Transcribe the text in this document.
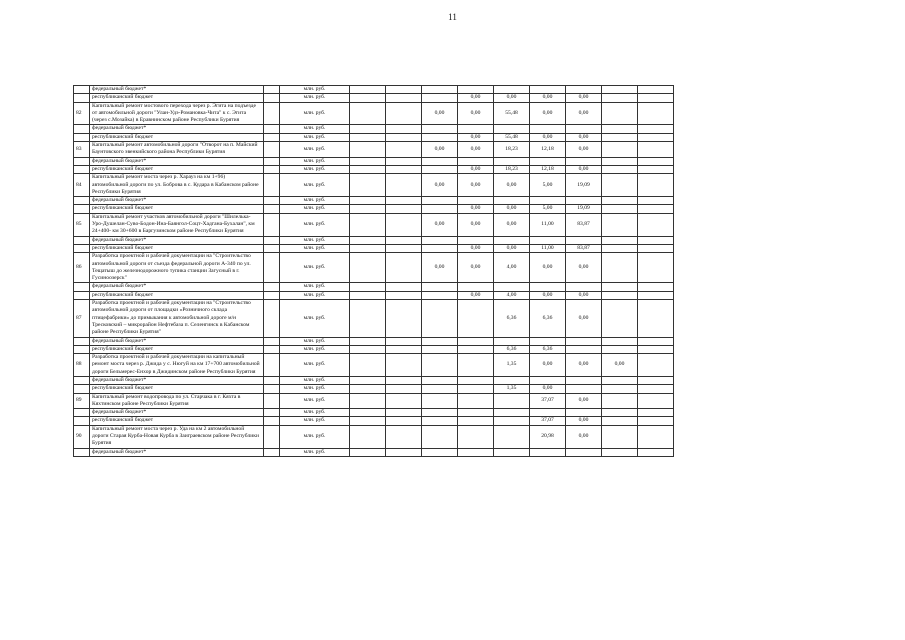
11
	федеральный бюджет*		млн. руб.									
	республиканский бюджет		млн. руб.				0,00	0,00	0,00	0,00		
82	Капитальный ремонт мостового перехода через р. Эгита на подъезде от автомобильной дороги "Улан-Удэ-Романовка-Чита" к с. Эгита (через с.Мозайка) в Еравнинском районе Республики Бурятия		млн. руб.			0,00	0,00	55,48	0,00	0,00		
	федеральный бюджет*		млн. руб.									
	республиканский бюджет		млн. руб.				0,00	55,48	0,00	0,00		
83	Капитальный ремонт автомобильной дороги "Отворот на п. Майский Баунтовского эвенкийского района Республики Бурятия		млн. руб.			0,00	0,00	18,23	12,18	0,00		
	федеральный бюджет*		млн. руб.									
	республиканский бюджет		млн. руб.				0,00	18,23	12,18	0,00		
84	Капитальный ремонт моста через р. Харауз на км 1+96) автомобильной дороги по ул. Боброва в с. Кудара в Кабанском районе Республики Бурятия		млн. руб.			0,00	0,00	0,00	5,00	19,09		
	федеральный бюджет*		млн. руб.									
	республиканский бюджет		млн. руб.				0,00	0,00	5,00	19,09		
85	Капитальный ремонт участков автомобильной дороги "Шилелька-Уро-Душелан-Суво-Бодон-Ина-Баянгол-Соцт-Хадгана-Бухалан", км 24+400- км 30+600 в Баргузинском районе Республики Бурятия		млн. руб.			0,00	0,00	0,00	11,00	83,87		
	федеральный бюджет*		млн. руб.									
	республиканский бюджет		млн. руб.				0,00	0,00	11,00	83,87		
86	Разработка проектной и рабочей документации на "Строительство автомобильной дороги от съезда федеральной дороги А-340 по ул. Тещатыш до железнодорожного тупика станции Загусный в г. Гусиноозерск"		млн. руб.			0,00	0,00	4,00	0,00	0,00		
	федеральный бюджет*		млн. руб.									
	республиканский бюджет		млн. руб.				0,00	4,00	0,00	0,00		
87	Разработка проектной и рабочей документации на "Строительство автомобильной дороги от площадки «Розничного склада птицефабрики» до примыкания к автомобильной дороге м/н Тресковский – микрорайон Нефтебаза п. Селенгинск в Кабанском районе Республики Бурятия"		млн. руб.					6,36	6,36	0,00		
	федеральный бюджет*		млн. руб.									
	республиканский бюджет		млн. руб.					6,36	6,36			
88	Разработка проектной и рабочей документации на капитальный ремонт моста через р. Джида у с. Нюгуй на км 17+700 автомобильной дороги Бельмерес-Енхор в Джидинском районе Республики Бурятия		млн. руб.					1,35	0,00	0,00	0,00	
	федеральный бюджет*		млн. руб.									
	республиканский бюджет		млн. руб.					1,35	0,00			
89	Капитальный ремонт водопровода по ул. Старчака в г. Кяхта в Кяхтинском районе Республики Бурятия		млн. руб.						37,07	0,00		
	федеральный бюджет*		млн. руб.									
	республиканский бюджет		млн. руб.						37,07	0,00		
90	Капитальный ремонт моста через р. Уда на км 2 автомобильной дороги Старая Курба-Новая Курба в Заиграевском районе Республики Бурятия		млн. руб.						20,98	0,00		
	федеральный бюджет*		млн. руб.									
